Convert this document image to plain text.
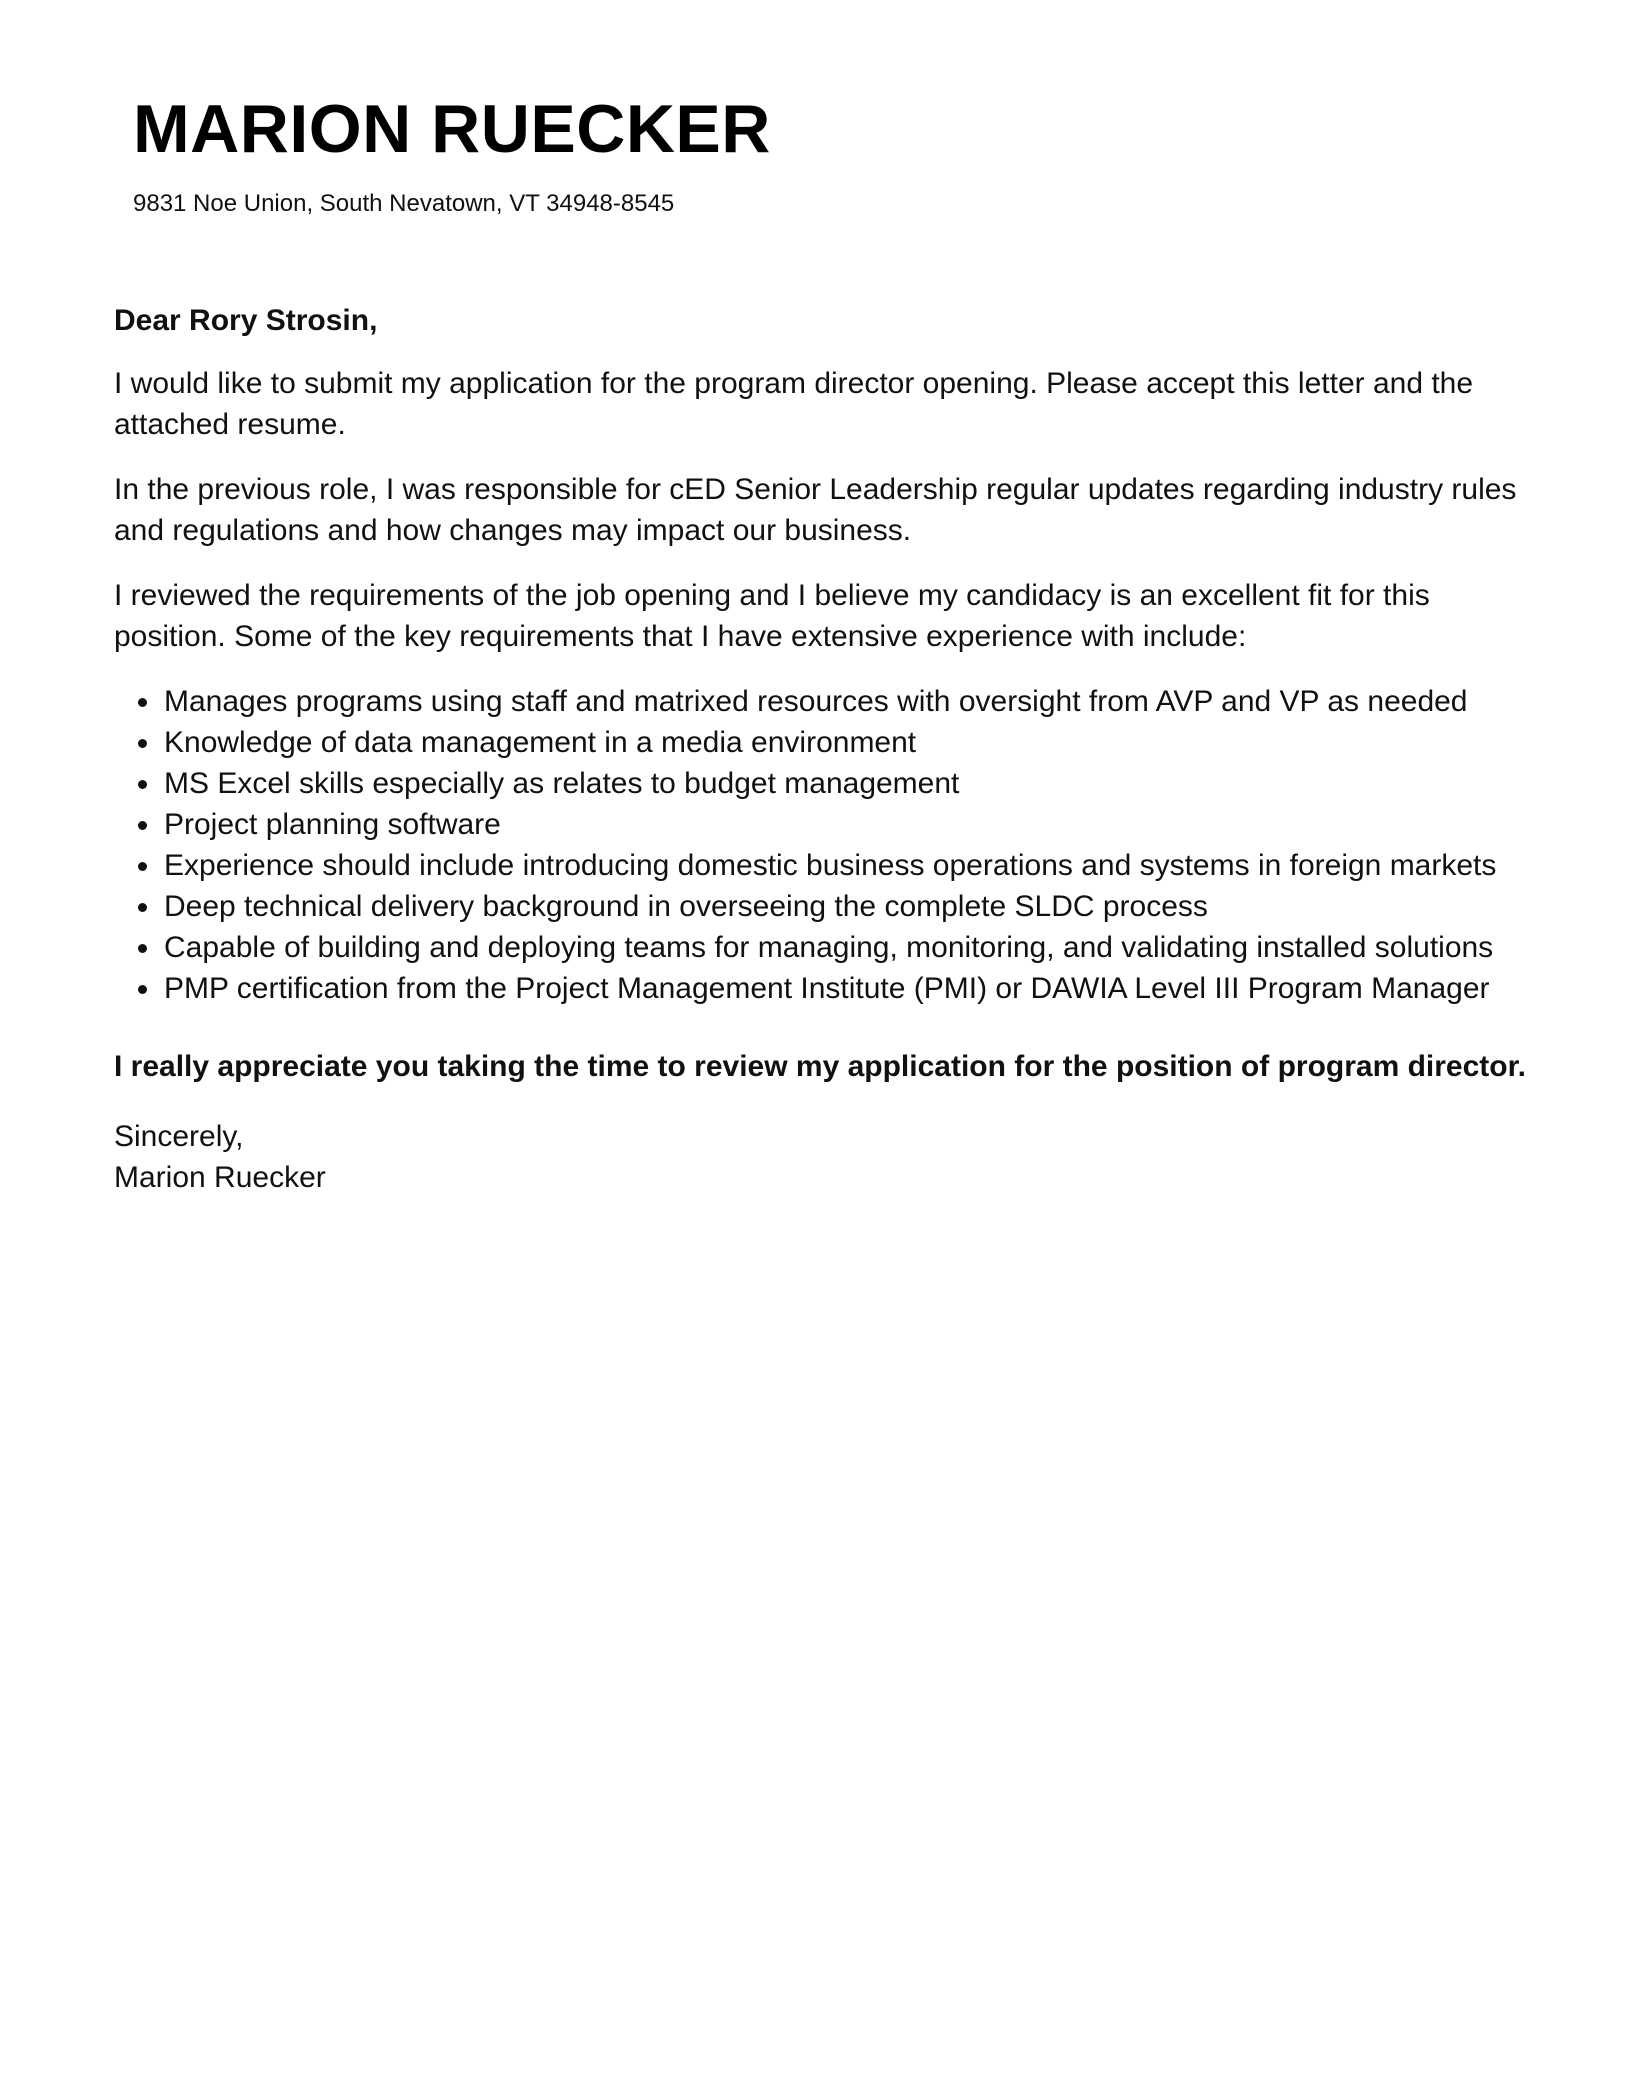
MARION RUECKER
9831 Noe Union, South Nevatown, VT 34948-8545

Dear Rory Strosin,

I would like to submit my application for the program director opening. Please accept this letter and the attached resume.

In the previous role, I was responsible for cED Senior Leadership regular updates regarding industry rules and regulations and how changes may impact our business.

I reviewed the requirements of the job opening and I believe my candidacy is an excellent fit for this position. Some of the key requirements that I have extensive experience with include:

• Manages programs using staff and matrixed resources with oversight from AVP and VP as needed
• Knowledge of data management in a media environment
• MS Excel skills especially as relates to budget management
• Project planning software
• Experience should include introducing domestic business operations and systems in foreign markets
• Deep technical delivery background in overseeing the complete SLDC process
• Capable of building and deploying teams for managing, monitoring, and validating installed solutions
• PMP certification from the Project Management Institute (PMI) or DAWIA Level III Program Manager

I really appreciate you taking the time to review my application for the position of program director.

Sincerely,
Marion Ruecker
